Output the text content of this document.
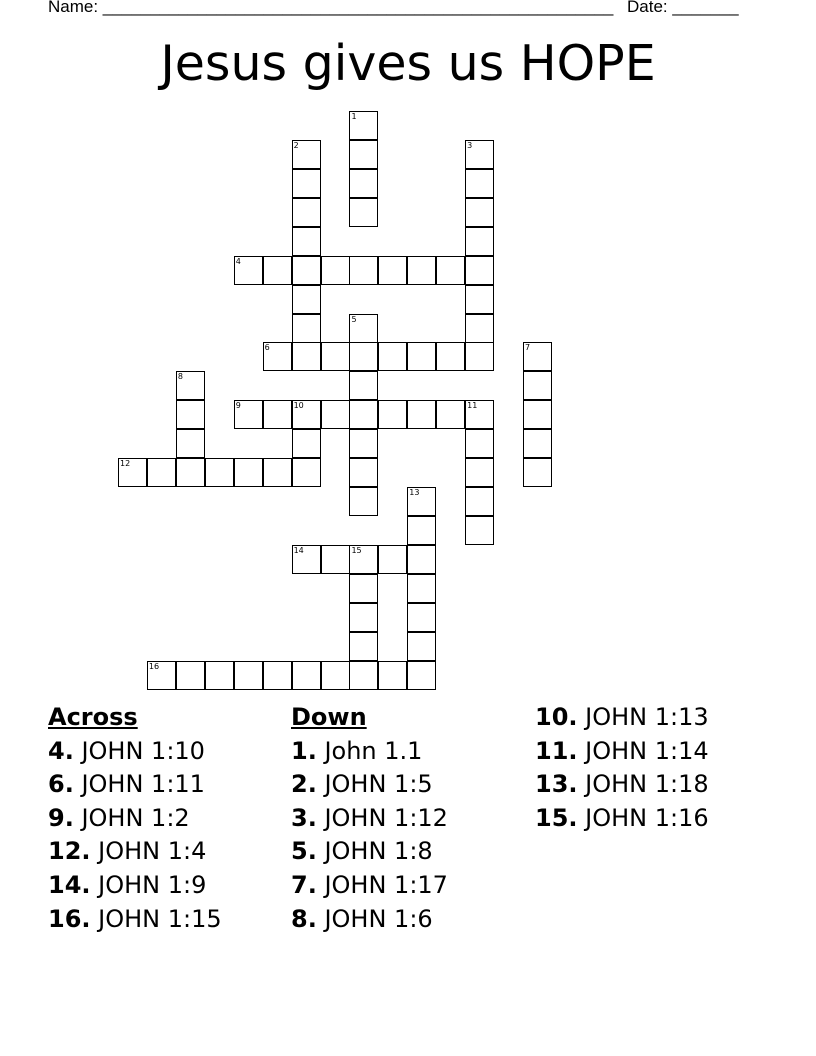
Name: ______________________________________________________ Date: _______
Jesus gives us HOPE
1
2	3
4
5
6	7
8
9	10	11
12
13
14	15
16
Across
4. JOHN 1:10
6. JOHN 1:11
9. JOHN 1:2
12. JOHN 1:4
14. JOHN 1:9
16. JOHN 1:15
Down
1. John 1.1
2. JOHN 1:5
3. JOHN 1:12
5. JOHN 1:8
7. JOHN 1:17
8. JOHN 1:6
10. JOHN 1:13
11. JOHN 1:14
13. JOHN 1:18
15. JOHN 1:16
